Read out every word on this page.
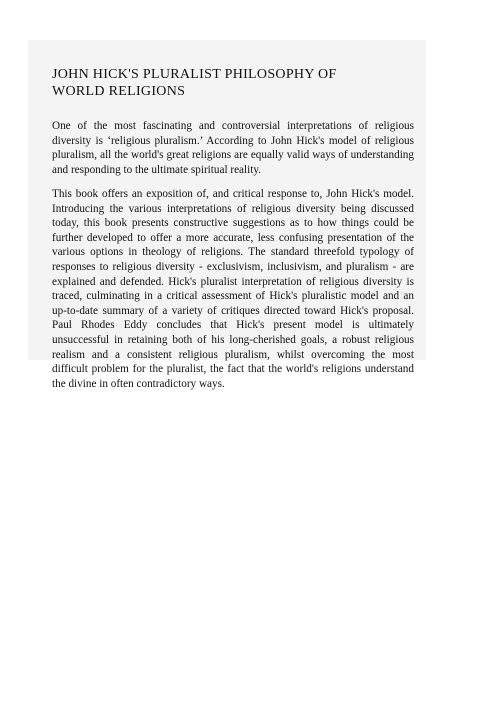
JOHN HICK'S PLURALIST PHILOSOPHY OF WORLD RELIGIONS

One of the most fascinating and controversial interpretations of religious diversity is ‘religious pluralism.’ According to John Hick's model of religious pluralism, all the world's great religions are equally valid ways of understanding and responding to the ultimate spiritual reality.

This book offers an exposition of, and critical response to, John Hick's model. Introducing the various interpretations of religious diversity being discussed today, this book presents constructive suggestions as to how things could be further developed to offer a more accurate, less confusing presentation of the various options in theology of religions. The standard threefold typology of responses to religious diversity - exclusivism, inclusivism, and pluralism - are explained and defended. Hick's pluralist interpretation of religious diversity is traced, culminating in a critical assessment of Hick's pluralistic model and an up-to-date summary of a variety of critiques directed toward Hick's proposal. Paul Rhodes Eddy concludes that Hick's present model is ultimately unsuccessful in retaining both of his long-cherished goals, a robust religious realism and a consistent religious pluralism, whilst overcoming the most difficult problem for the pluralist, the fact that the world's religions understand the divine in often contradictory ways.
